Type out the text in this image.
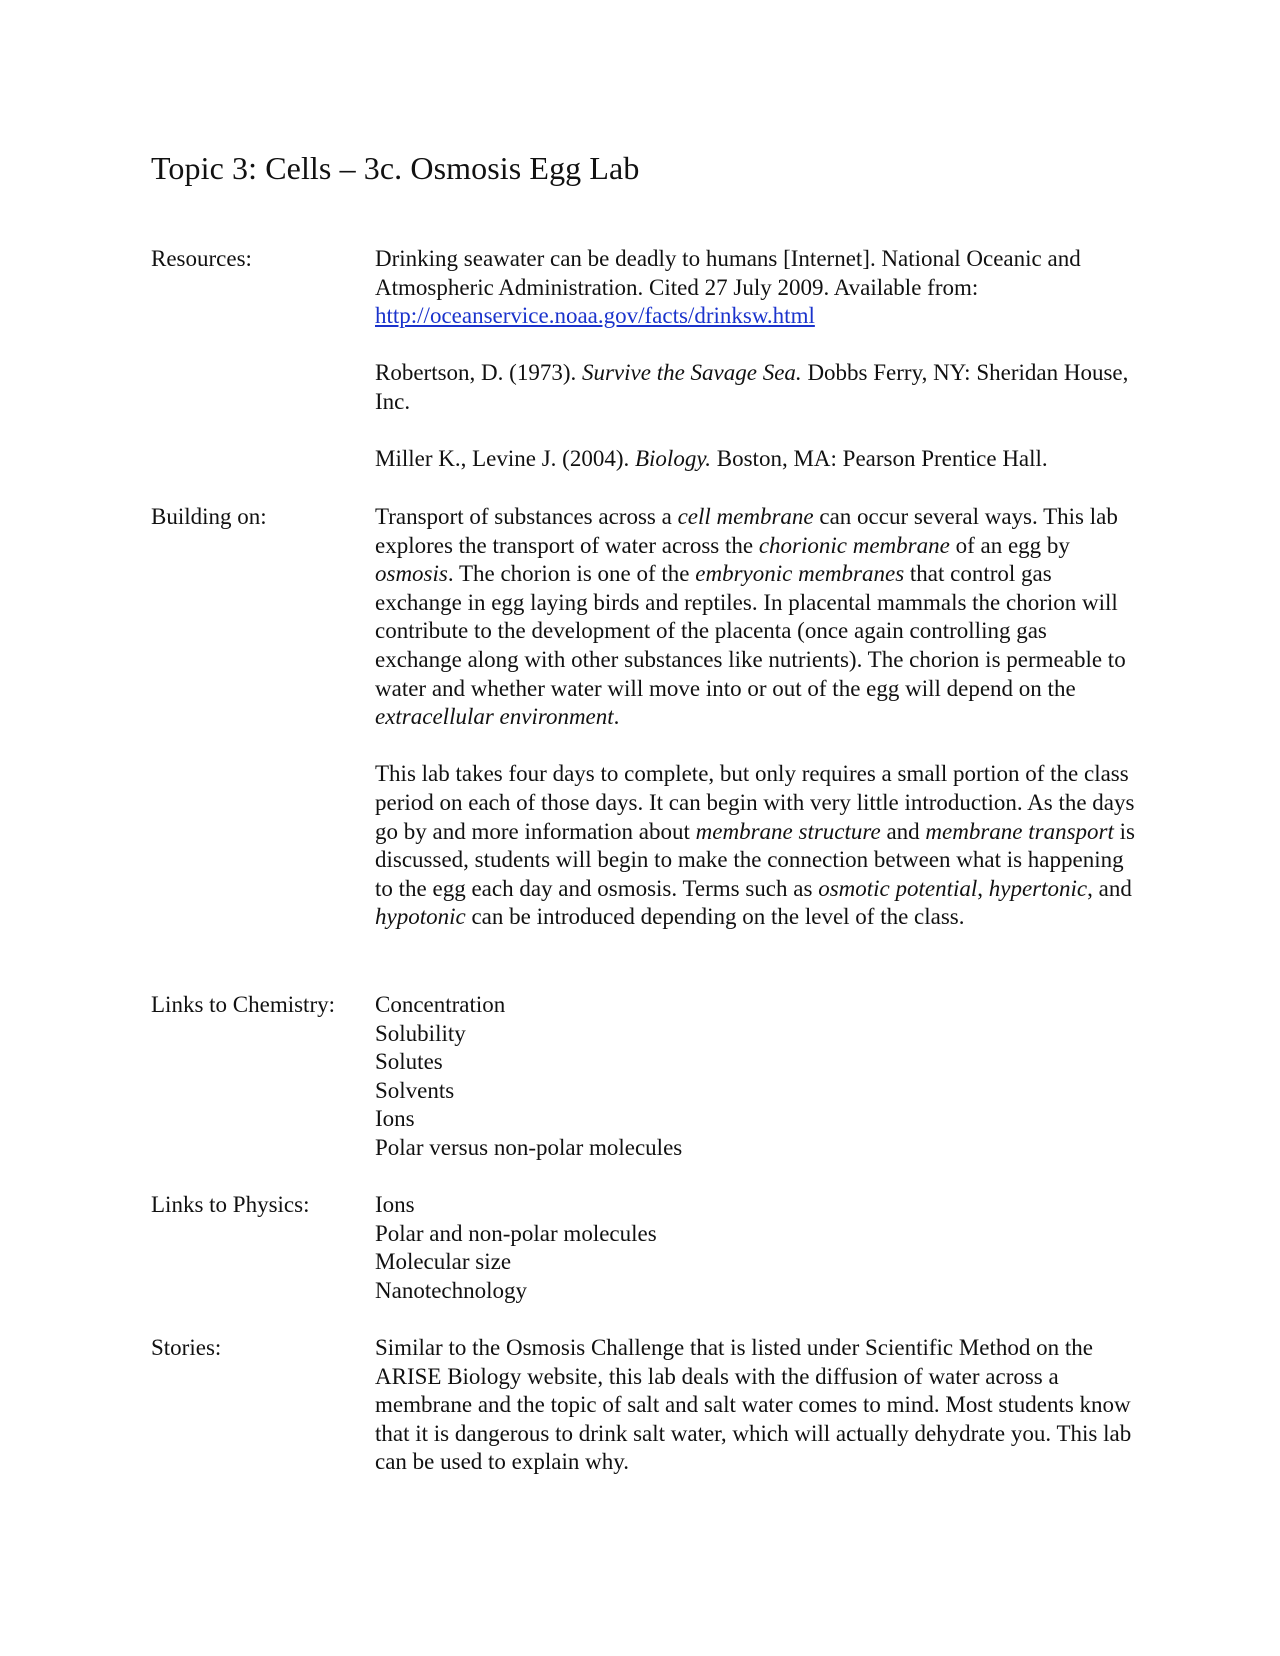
Topic 3: Cells – 3c. Osmosis Egg Lab
Resources:	Drinking seawater can be deadly to humans [Internet]. National Oceanic and Atmospheric Administration. Cited 27 July 2009. Available from:
http://oceanservice.noaa.gov/facts/drinksw.html

Robertson, D. (1973). Survive the Savage Sea. Dobbs Ferry, NY: Sheridan House, Inc.

Miller K., Levine J. (2004). Biology. Boston, MA: Pearson Prentice Hall.

Building on:	Transport of substances across a cell membrane can occur several ways. This lab explores the transport of water across the chorionic membrane of an egg by osmosis. The chorion is one of the embryonic membranes that control gas exchange in egg laying birds and reptiles. In placental mammals the chorion will contribute to the development of the placenta (once again controlling gas exchange along with other substances like nutrients). The chorion is permeable to water and whether water will move into or out of the egg will depend on the extracellular environment.

This lab takes four days to complete, but only requires a small portion of the class period on each of those days. It can begin with very little introduction. As the days go by and more information about membrane structure and membrane transport is discussed, students will begin to make the connection between what is happening to the egg each day and osmosis. Terms such as osmotic potential, hypertonic, and hypotonic can be introduced depending on the level of the class.

Links to Chemistry:	Concentration
Solubility
Solutes
Solvents
Ions
Polar versus non-polar molecules
Links to Physics:	Ions
Polar and non-polar molecules
Molecular size
Nanotechnology
Stories:	Similar to the Osmosis Challenge that is listed under Scientific Method on the ARISE Biology website, this lab deals with the diffusion of water across a membrane and the topic of salt and salt water comes to mind. Most students know that it is dangerous to drink salt water, which will actually dehydrate you. This lab can be used to explain why.
